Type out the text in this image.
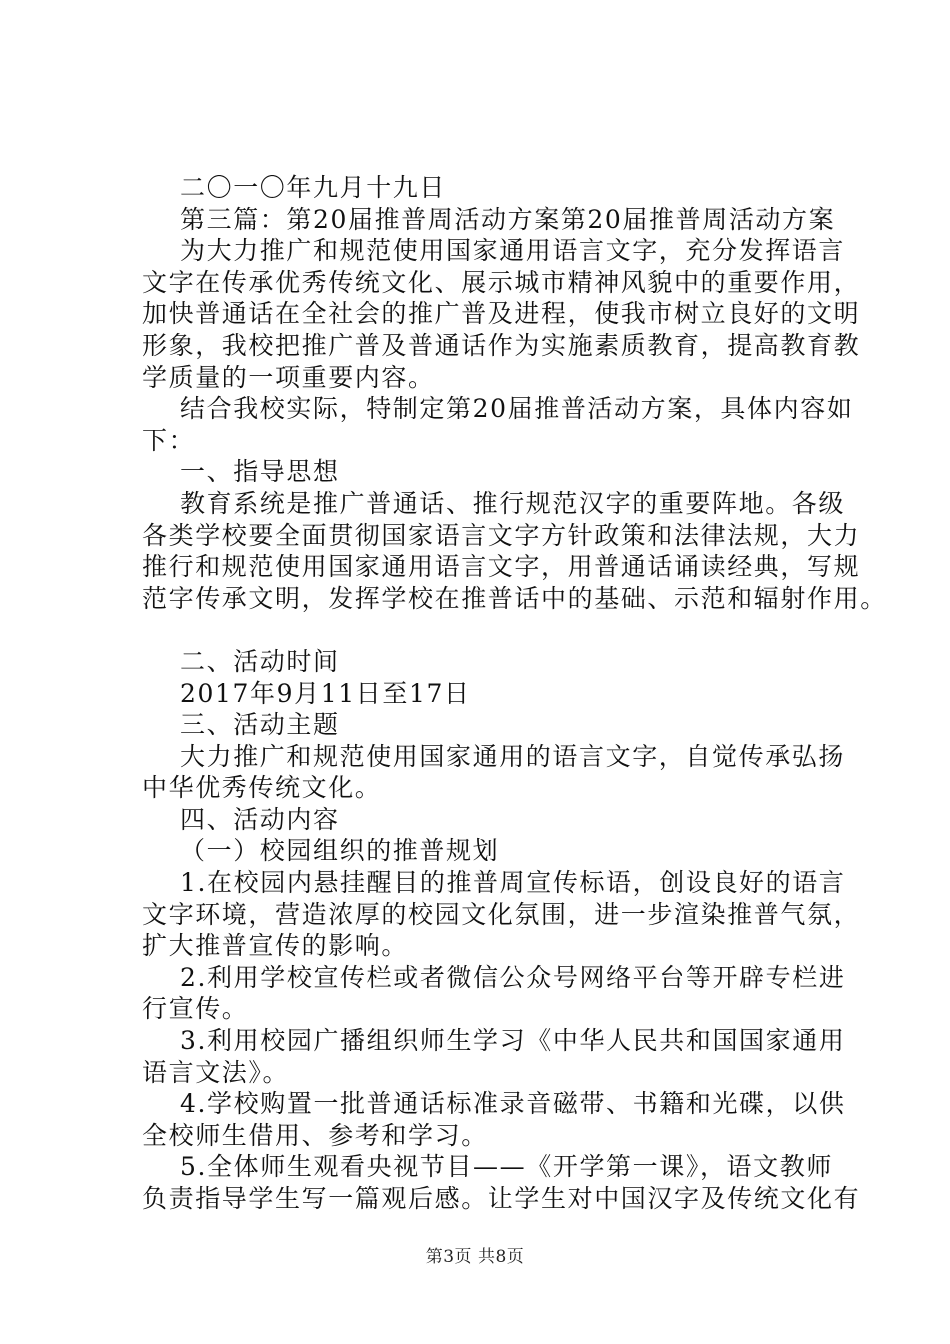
二〇一〇年九月十九日
第三篇：第20届推普周活动方案第20届推普周活动方案
为大力推广和规范使用国家通用语言文字，充分发挥语言
文字在传承优秀传统文化、展示城市精神风貌中的重要作用，
加快普通话在全社会的推广普及进程，使我市树立良好的文明
形象，我校把推广普及普通话作为实施素质教育，提高教育教
学质量的一项重要内容。
结合我校实际，特制定第20届推普活动方案，具体内容如
下：
一、指导思想
教育系统是推广普通话、推行规范汉字的重要阵地。各级
各类学校要全面贯彻国家语言文字方针政策和法律法规，大力
推行和规范使用国家通用语言文字，用普通话诵读经典，写规
范字传承文明，发挥学校在推普话中的基础、示范和辐射作用。
二、活动时间
2017年9月11日至17日
三、活动主题
大力推广和规范使用国家通用的语言文字，自觉传承弘扬
中华优秀传统文化。
四、活动内容
（一）校园组织的推普规划
1.在校园内悬挂醒目的推普周宣传标语，创设良好的语言
文字环境，营造浓厚的校园文化氛围，进一步渲染推普气氛，
扩大推普宣传的影响。
2.利用学校宣传栏或者微信公众号网络平台等开辟专栏进
行宣传。
3.利用校园广播组织师生学习《中华人民共和国国家通用
语言文法》。
4.学校购置一批普通话标准录音磁带、书籍和光碟，以供
全校师生借用、参考和学习。
5.全体师生观看央视节目——《开学第一课》，语文教师
负责指导学生写一篇观后感。让学生对中国汉字及传统文化有
第3页 共8页
